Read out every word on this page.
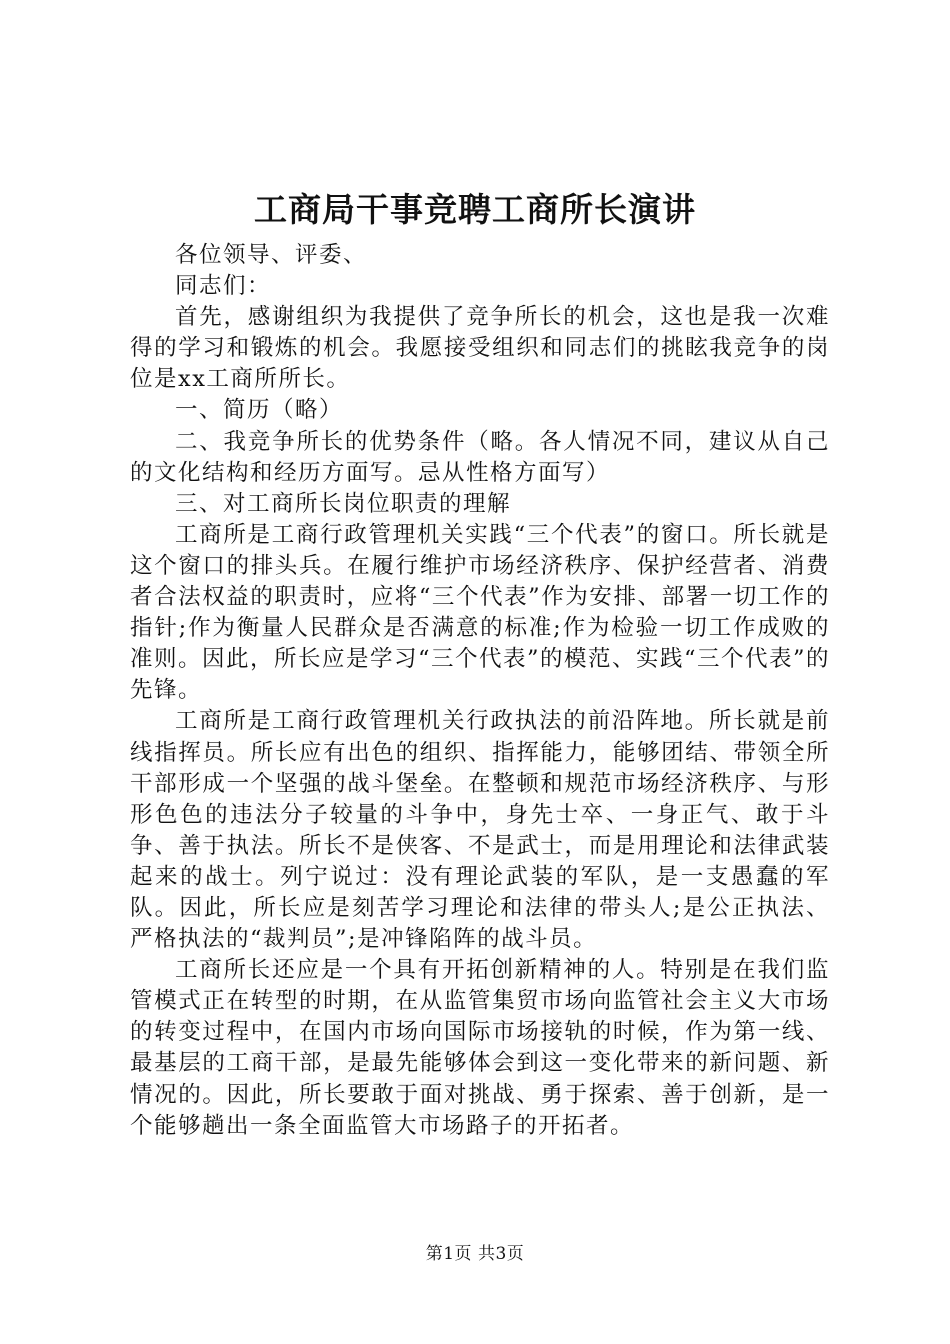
工商局干事竞聘工商所长演讲

各位领导、评委、

同志们：

首先，感谢组织为我提供了竞争所长的机会，这也是我一次难得的学习和锻炼的机会。我愿接受组织和同志们的挑眩我竞争的岗位是xx工商所所长。

一、简历（略）

二、我竞争所长的优势条件（略。各人情况不同，建议从自己的文化结构和经历方面写。忌从性格方面写）

三、对工商所长岗位职责的理解

工商所是工商行政管理机关实践“三个代表”的窗口。所长就是这个窗口的排头兵。在履行维护市场经济秩序、保护经营者、消费者合法权益的职责时，应将“三个代表”作为安排、部署一切工作的指针;作为衡量人民群众是否满意的标准;作为检验一切工作成败的准则。因此，所长应是学习“三个代表”的模范、实践“三个代表”的先锋。

工商所是工商行政管理机关行政执法的前沿阵地。所长就是前线指挥员。所长应有出色的组织、指挥能力，能够团结、带领全所干部形成一个坚强的战斗堡垒。在整顿和规范市场经济秩序、与形形色色的违法分子较量的斗争中，身先士卒、一身正气、敢于斗争、善于执法。所长不是侠客、不是武士，而是用理论和法律武装起来的战士。列宁说过：没有理论武装的军队，是一支愚蠢的军队。因此，所长应是刻苦学习理论和法律的带头人;是公正执法、严格执法的“裁判员”;是冲锋陷阵的战斗员。

工商所长还应是一个具有开拓创新精神的人。特别是在我们监管模式正在转型的时期，在从监管集贸市场向监管社会主义大市场的转变过程中，在国内市场向国际市场接轨的时候，作为第一线、最基层的工商干部，是最先能够体会到这一变化带来的新问题、新情况的。因此，所长要敢于面对挑战、勇于探索、善于创新，是一个能够趟出一条全面监管大市场路子的开拓者。

第1页 共3页
